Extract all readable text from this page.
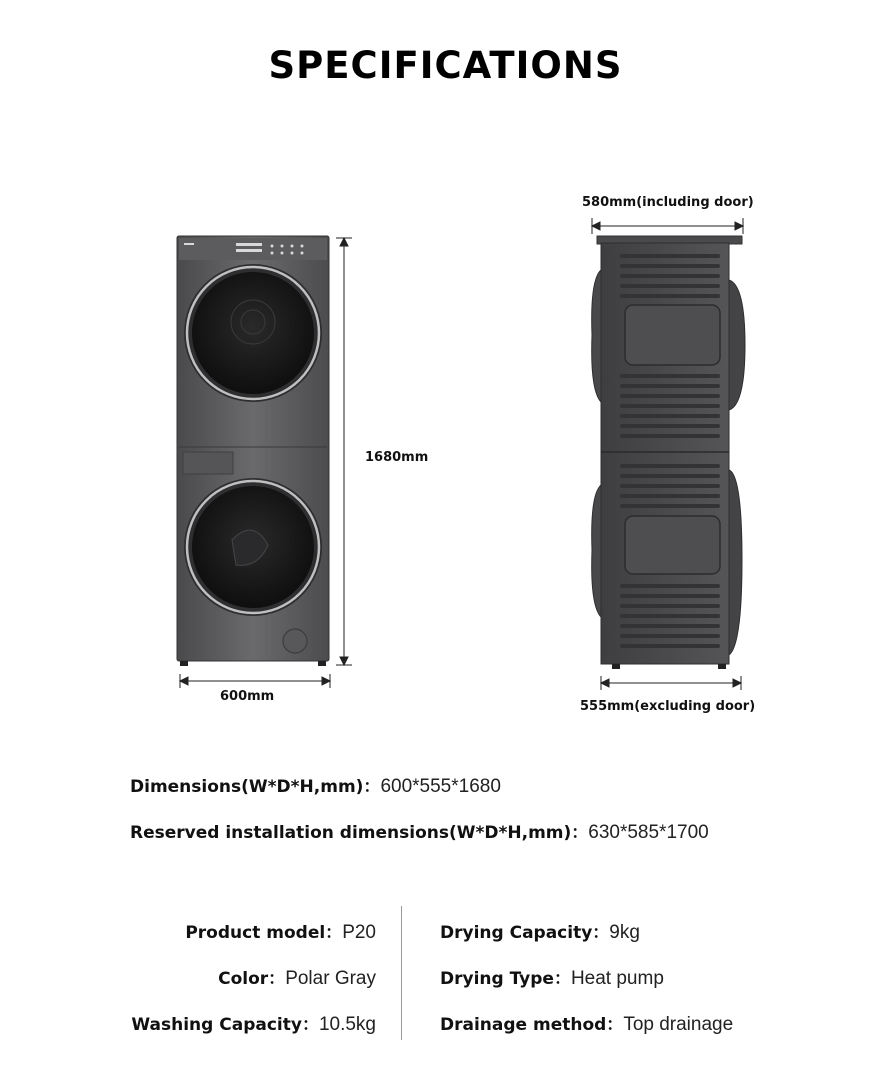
SPECIFICATIONS
1680mm
600mm
580mm(including door)
555mm(excluding door)
Dimensions(W*D*H,mm)：600*555*1680
Reserved installation dimensions(W*D*H,mm)：630*585*1700
Product model：P20
Color：Polar Gray
Washing Capacity：10.5kg
Drying Capacity：9kg
Drying Type：Heat pump
Drainage method：Top drainage
